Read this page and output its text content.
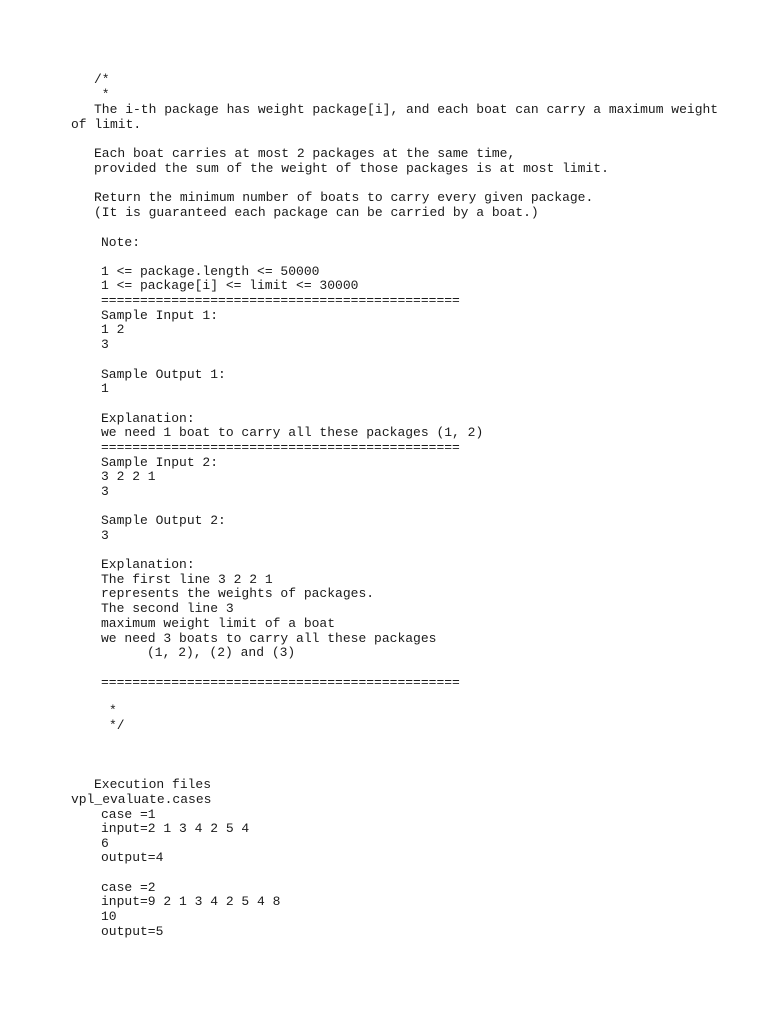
/*

*

The i-th package has weight package[i], and each boat can carry a maximum weight

of limit.

Each boat carries at most 2 packages at the same time,

provided the sum of the weight of those packages is at most limit.

Return the minimum number of boats to carry every given package.

(It is guaranteed each package can be carried by a boat.)

Note:

1 <= package.length <= 50000

1 <= package[i] <= limit <= 30000

==============================================

Sample Input 1:

1 2

3

Sample Output 1:

1

Explanation:

we need 1 boat to carry all these packages (1, 2)

==============================================

Sample Input 2:

3 2 2 1

3

Sample Output 2:

3

Explanation:

The first line 3 2 2 1

represents the weights of packages.

The second line 3

maximum weight limit of a boat

we need 3 boats to carry all these packages

(1, 2), (2) and (3)

==============================================

*

*/

Execution files

vpl_evaluate.cases

case =1

input=2 1 3 4 2 5 4

6

output=4

case =2

input=9 2 1 3 4 2 5 4 8

10

output=5
